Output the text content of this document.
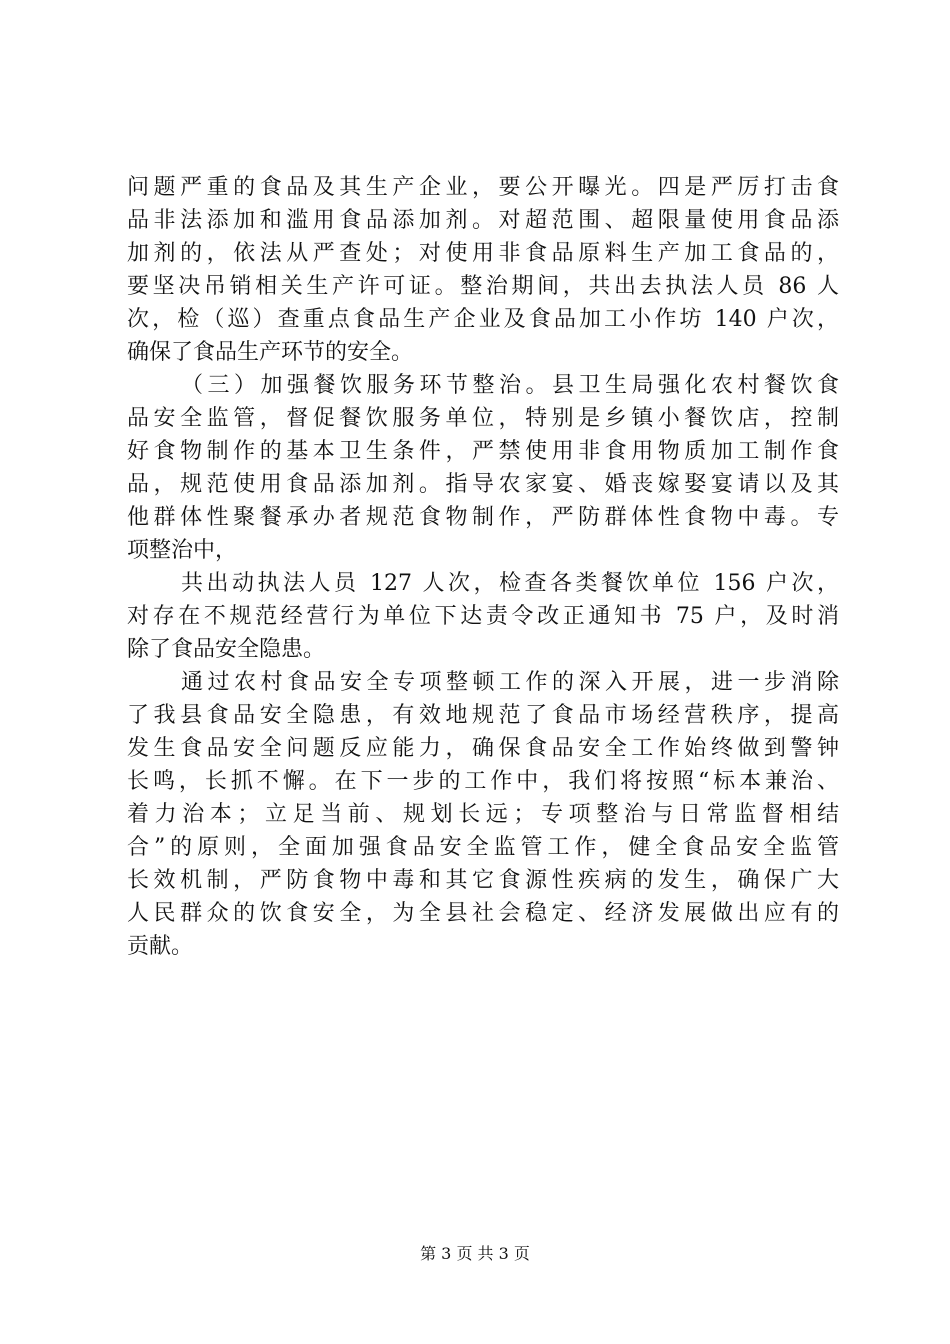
问题严重的食品及其生产企业，要公开曝光。四是严厉打击食
品非法添加和滥用食品添加剂。对超范围、超限量使用食品添
加剂的，依法从严查处；对使用非食品原料生产加工食品的，
要坚决吊销相关生产许可证。整治期间，共出去执法人员 86 人
次，检（巡）查重点食品生产企业及食品加工小作坊 140 户次，
确保了食品生产环节的安全。
（三）加强餐饮服务环节整治。县卫生局强化农村餐饮食
品安全监管，督促餐饮服务单位，特别是乡镇小餐饮店，控制
好食物制作的基本卫生条件，严禁使用非食用物质加工制作食
品，规范使用食品添加剂。指导农家宴、婚丧嫁娶宴请以及其
他群体性聚餐承办者规范食物制作，严防群体性食物中毒。专
项整治中，
共出动执法人员 127 人次，检查各类餐饮单位 156 户次，
对存在不规范经营行为单位下达责令改正通知书 75 户，及时消
除了食品安全隐患。
通过农村食品安全专项整顿工作的深入开展，进一步消除
了我县食品安全隐患，有效地规范了食品市场经营秩序，提高
发生食品安全问题反应能力，确保食品安全工作始终做到警钟
长鸣，长抓不懈。在下一步的工作中，我们将按照“标本兼治、
着力治本；立足当前、规划长远；专项整治与日常监督相结
合”的原则，全面加强食品安全监管工作，健全食品安全监管
长效机制，严防食物中毒和其它食源性疾病的发生，确保广大
人民群众的饮食安全，为全县社会稳定、经济发展做出应有的
贡献。
第 3 页 共 3 页
